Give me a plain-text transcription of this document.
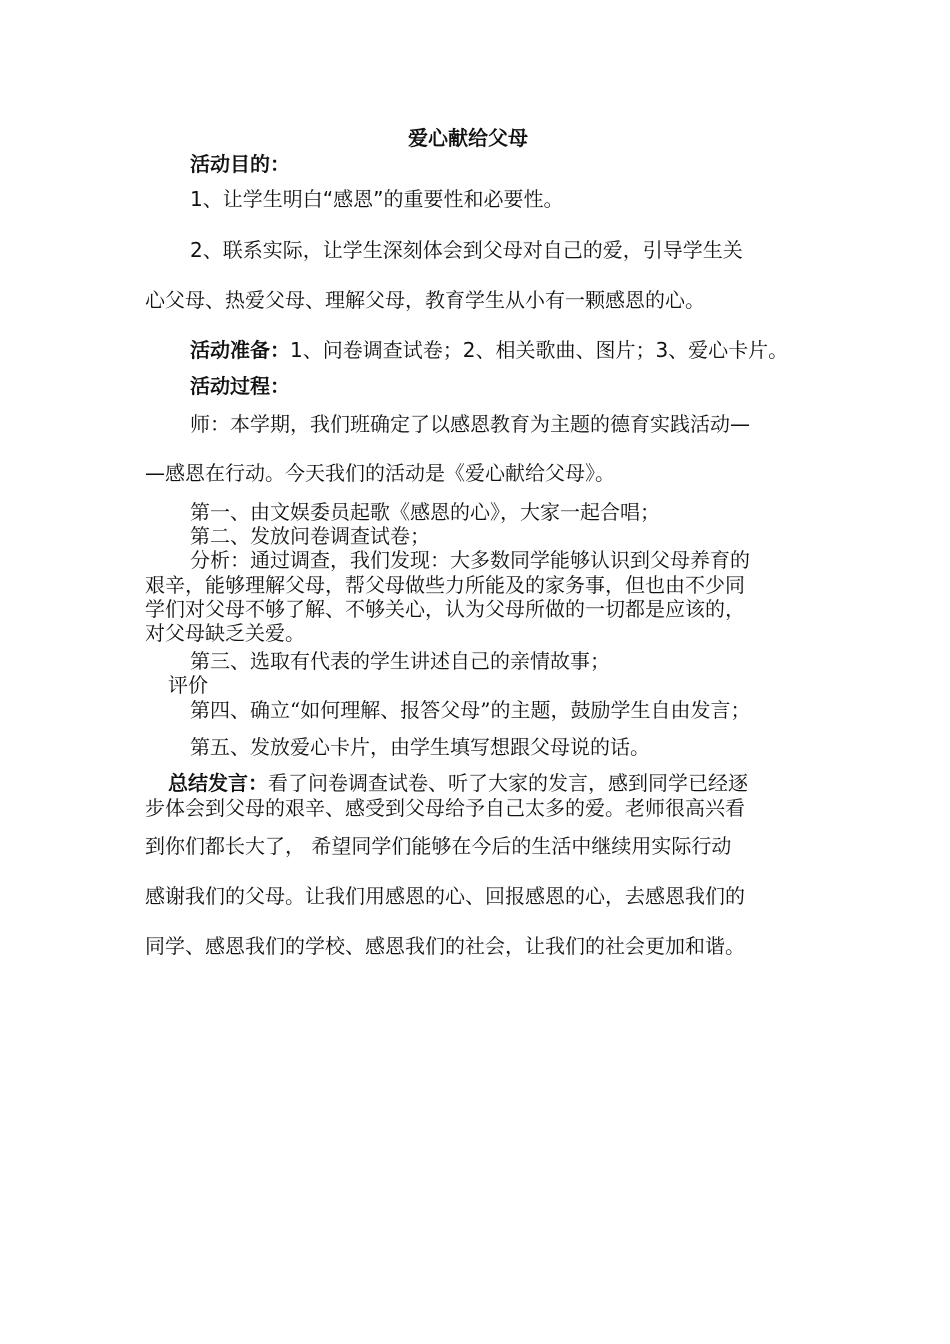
爱心献给父母
活动目的：
1、让学生明白“感恩”的重要性和必要性。
2、联系实际，让学生深刻体会到父母对自己的爱，引导学生关
心父母、热爱父母、理解父母，教育学生从小有一颗感恩的心。
活动准备：1、问卷调查试卷；2、相关歌曲、图片；3、爱心卡片。
活动过程：
师：本学期，我们班确定了以感恩教育为主题的德育实践活动—
—感恩在行动。今天我们的活动是《爱心献给父母》。
第一、由文娱委员起歌《感恩的心》，大家一起合唱；
第二、发放问卷调查试卷；
分析：通过调查，我们发现：大多数同学能够认识到父母养育的
艰辛，能够理解父母，帮父母做些力所能及的家务事，但也由不少同
学们对父母不够了解、不够关心，认为父母所做的一切都是应该的，
对父母缺乏关爱。
第三、选取有代表的学生讲述自己的亲情故事；
评价
第四、确立“如何理解、报答父母”的主题，鼓励学生自由发言；
第五、发放爱心卡片，由学生填写想跟父母说的话。
总结发言：看了问卷调查试卷、听了大家的发言，感到同学已经逐
步体会到父母的艰辛、感受到父母给予自己太多的爱。老师很高兴看
到你们都长大了， 希望同学们能够在今后的生活中继续用实际行动
感谢我们的父母。让我们用感恩的心、回报感恩的心，去感恩我们的
同学、感恩我们的学校、感恩我们的社会，让我们的社会更加和谐。
